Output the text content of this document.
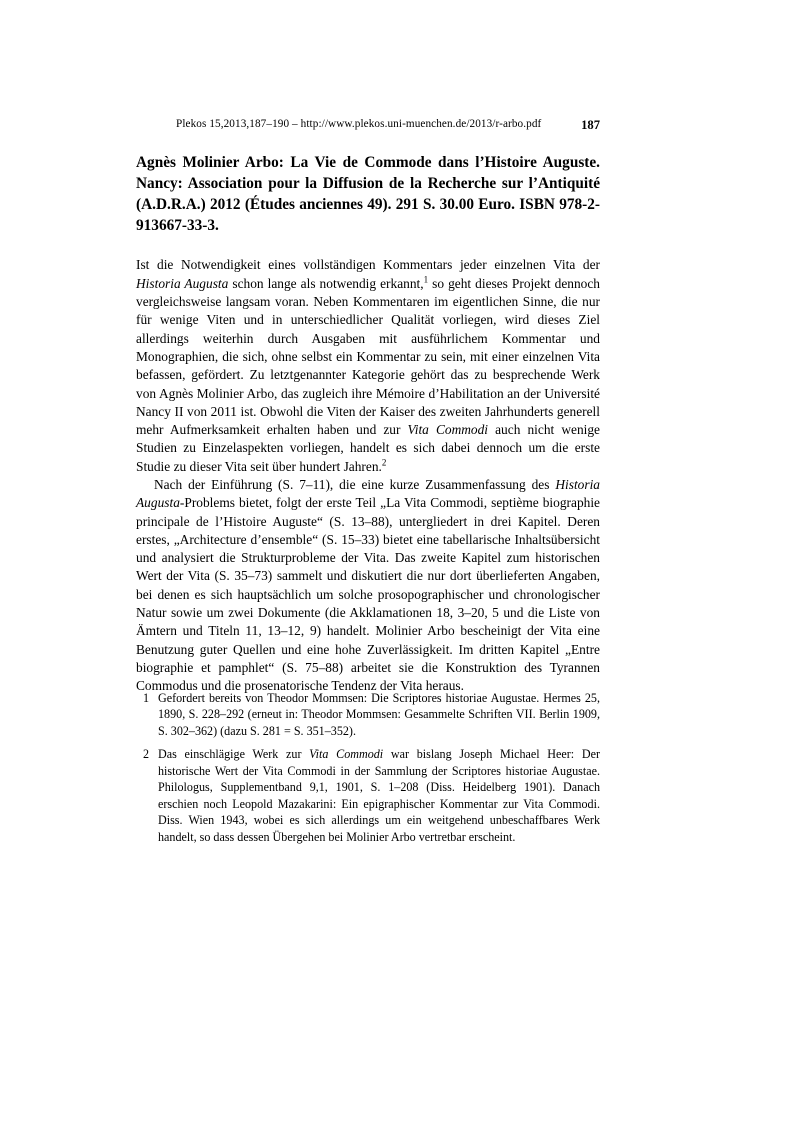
Plekos 15,2013,187–190 – http://www.plekos.uni-muenchen.de/2013/r-arbo.pdf	187
Agnès Molinier Arbo: La Vie de Commode dans l’Histoire Auguste. Nancy: Association pour la Diffusion de la Recherche sur l’Antiquité (A.D.R.A.) 2012 (Études anciennes 49). 291 S. 30.00 Euro. ISBN 978-2-913667-33-3.

Ist die Notwendigkeit eines vollständigen Kommentars jeder einzelnen Vita der Historia Augusta schon lange als notwendig erkannt,$^1$ so geht dieses Projekt dennoch vergleichsweise langsam voran. Neben Kommentaren im eigentlichen Sinne, die nur für wenige Viten und in unterschiedlicher Qualität vorliegen, wird dieses Ziel allerdings weiterhin durch Ausgaben mit ausführlichem Kommentar und Monographien, die sich, ohne selbst ein Kommentar zu sein, mit einer einzelnen Vita befassen, gefördert. Zu letztgenannter Kategorie gehört das zu besprechende Werk von Agnès Molinier Arbo, das zugleich ihre Mémoire d’Habilitation an der Université Nancy II von 2011 ist. Obwohl die Viten der Kaiser des zweiten Jahrhunderts generell mehr Aufmerksamkeit erhalten haben und zur Vita Commodi auch nicht wenige Studien zu Einzelaspekten vorliegen, handelt es sich dabei dennoch um die erste Studie zu dieser Vita seit über hundert Jahren.$^2$

Nach der Einführung (S. 7–11), die eine kurze Zusammenfassung des Historia Augusta-Problems bietet, folgt der erste Teil „La Vita Commodi, septième biographie principale de l’Histoire Auguste“ (S. 13–88), untergliedert in drei Kapitel. Deren erstes, „Architecture d’ensemble“ (S. 15–33) bietet eine tabellarische Inhaltsübersicht und analysiert die Strukturprobleme der Vita. Das zweite Kapitel zum historischen Wert der Vita (S. 35–73) sammelt und diskutiert die nur dort überlieferten Angaben, bei denen es sich hauptsächlich um solche prosopographischer und chronologischer Natur sowie um zwei Dokumente (die Akklamationen 18, 3–20, 5 und die Liste von Ämtern und Titeln 11, 13–12, 9) handelt. Molinier Arbo bescheinigt der Vita eine Benutzung guter Quellen und eine hohe Zuverlässigkeit. Im dritten Kapitel „Entre biographie et pamphlet“ (S. 75–88) arbeitet sie die Konstruktion des Tyrannen Commodus und die prosenatorische Tendenz der Vita heraus.

1 Gefordert bereits von Theodor Mommsen: Die Scriptores historiae Augustae. Hermes 25, 1890, S. 228–292 (erneut in: Theodor Mommsen: Gesammelte Schriften VII. Berlin 1909, S. 302–362) (dazu S. 281 = S. 351–352).
2 Das einschlägige Werk zur Vita Commodi war bislang Joseph Michael Heer: Der historische Wert der Vita Commodi in der Sammlung der Scriptores historiae Augustae. Philologus, Supplementband 9,1, 1901, S. 1–208 (Diss. Heidelberg 1901). Danach erschien noch Leopold Mazakarini: Ein epigraphischer Kommentar zur Vita Commodi. Diss. Wien 1943, wobei es sich allerdings um ein weitgehend unbeschaffbares Werk handelt, so dass dessen Übergehen bei Molinier Arbo vertretbar erscheint.
